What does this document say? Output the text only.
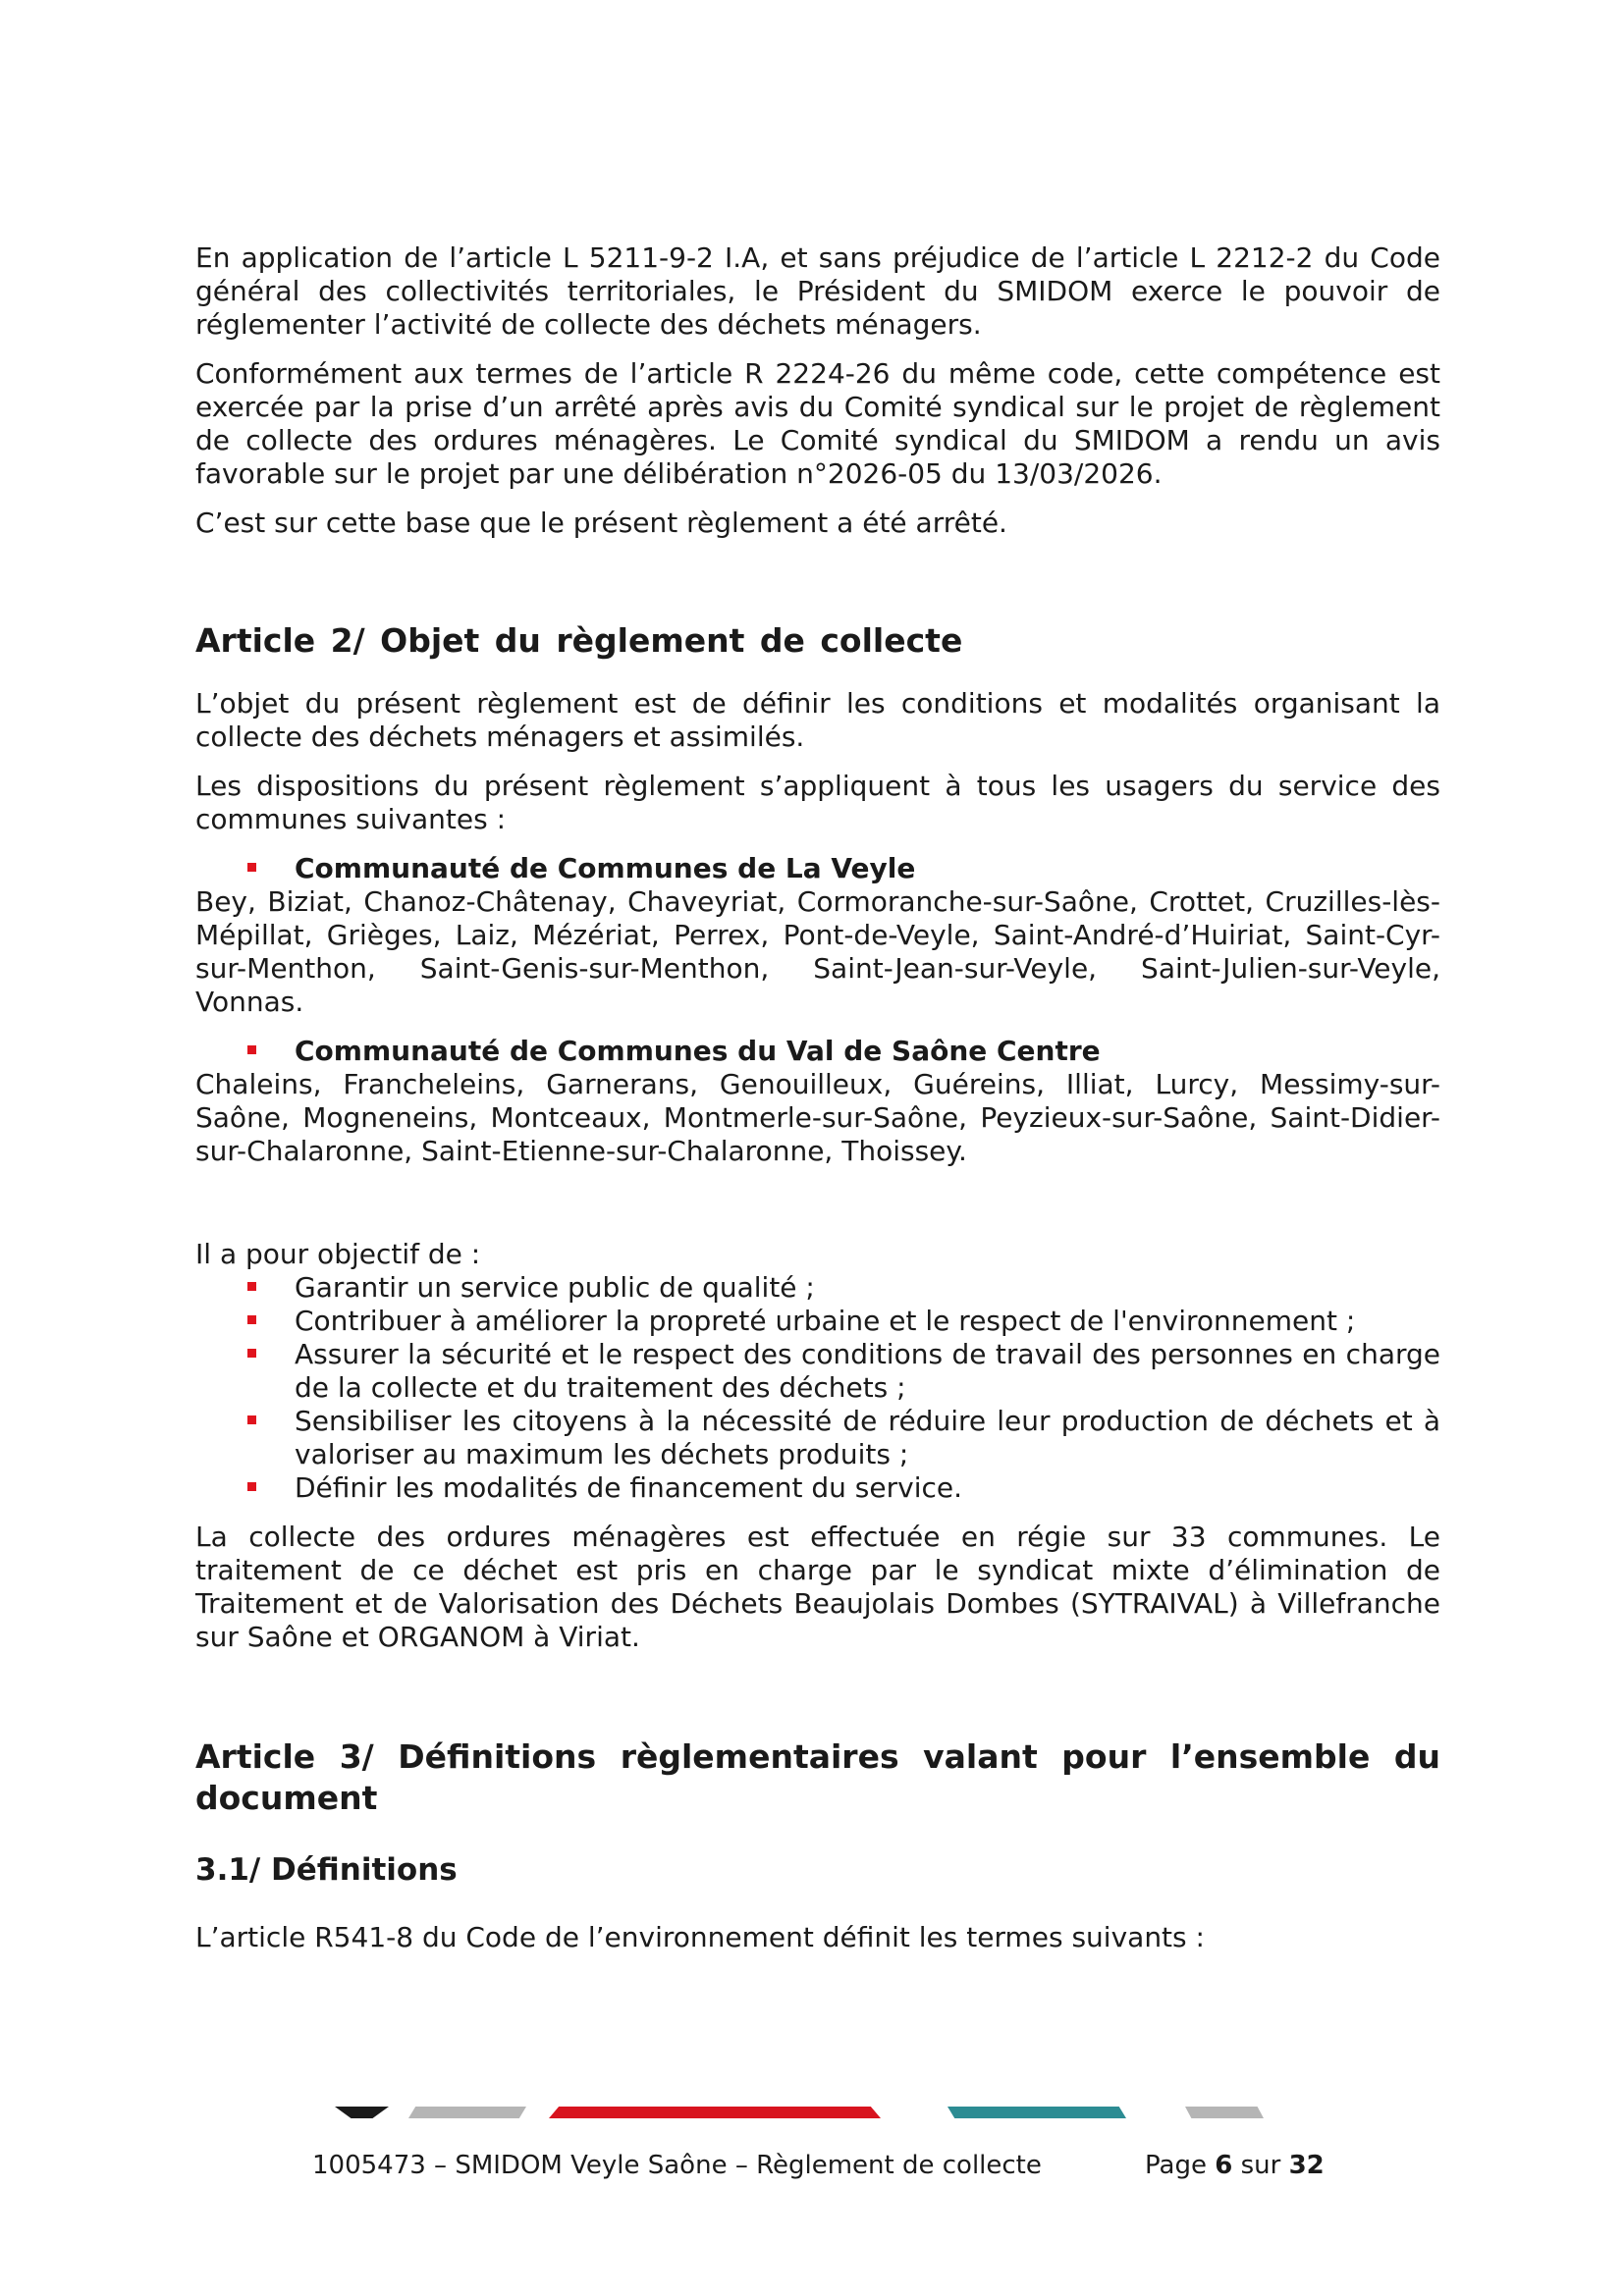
En application de l’article L 5211-9-2 I.A, et sans préjudice de l’article L 2212-2 du Code général des collectivités territoriales, le Président du SMIDOM exerce le pouvoir de réglementer l’activité de collecte des déchets ménagers.

Conformément aux termes de l’article R 2224-26 du même code, cette compétence est exercée par la prise d’un arrêté après avis du Comité syndical sur le projet de règlement de collecte des ordures ménagères. Le Comité syndical du SMIDOM a rendu un avis favorable sur le projet par une délibération n°2026-05 du 13/03/2026.

C’est sur cette base que le présent règlement a été arrêté.

Article 2/ Objet du règlement de collecte

L’objet du présent règlement est de définir les conditions et modalités organisant la collecte des déchets ménagers et assimilés.

Les dispositions du présent règlement s’appliquent à tous les usagers du service des communes suivantes :

Communauté de Communes de La Veyle

Bey, Biziat, Chanoz-Châtenay, Chaveyriat, Cormoranche-sur-Saône, Crottet, Cruzilles-lès-Mépillat, Grièges, Laiz, Mézériat, Perrex, Pont-de-Veyle, Saint-André-d’Huiriat, Saint-Cyr-sur-Menthon, Saint-Genis-sur-Menthon, Saint-Jean-sur-Veyle, Saint-Julien-sur-Veyle, Vonnas.

Communauté de Communes du Val de Saône Centre

Chaleins, Francheleins, Garnerans, Genouilleux, Guéreins, Illiat, Lurcy, Messimy-sur-Saône, Mogneneins, Montceaux, Montmerle-sur-Saône, Peyzieux-sur-Saône, Saint-Didier-sur-Chalaronne, Saint-Etienne-sur-Chalaronne, Thoissey.

Il a pour objectif de :

Garantir un service public de qualité ;
Contribuer à améliorer la propreté urbaine et le respect de l'environnement ;
Assurer la sécurité et le respect des conditions de travail des personnes en charge de la collecte et du traitement des déchets ;
Sensibiliser les citoyens à la nécessité de réduire leur production de déchets et à valoriser au maximum les déchets produits ;
Définir les modalités de financement du service.

La collecte des ordures ménagères est effectuée en régie sur 33 communes. Le traitement de ce déchet est pris en charge par le syndicat mixte d’élimination de Traitement et de Valorisation des Déchets Beaujolais Dombes (SYTRAIVAL) à Villefranche sur Saône et ORGANOM à Viriat.

Article 3/ Définitions règlementaires valant pour l’ensemble du document
3.1/ Définitions

L’article R541-8 du Code de l’environnement définit les termes suivants :

1005473 – SMIDOM Veyle Saône – Règlement de collecte	Page 6 sur 32
